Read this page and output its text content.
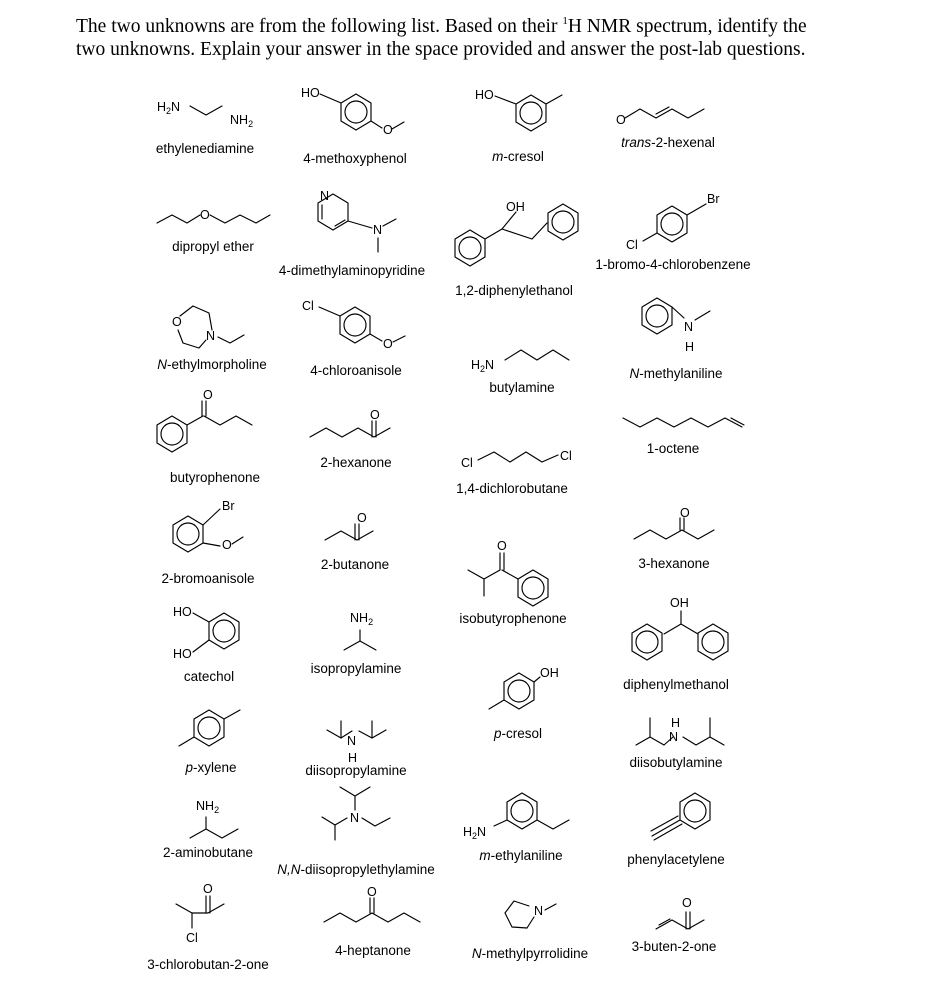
The two unknowns are from the following list. Based on their $^1$H NMR spectrum, identify the
two unknowns. Explain your answer in the space provided and answer the post-lab questions.
$H_2N$
$NH_2$
HO
O
HO
O
O
N
N
OH
Br
Cl
O
N
Cl
O
$H_2N$
N
H
O
O
Cl	Cl
Br
O
O
O
O
HO
HO
$NH_2$
OH
OH
N
H
N
H
$NH_2$
N
$H_2N$
O
Cl
O
N
O
ethylenediamine
4-methoxyphenol	m-cresol
trans-2-hexenal
dipropyl ether
4-dimethylaminopyridine
1,2-diphenylethanol
1-bromo-4-chlorobenzene
N-ethylmorpholine	4-chloroanisole
butylamine
N-methylaniline
butyrophenone
2-hexanone
1,4-dichlorobutane
1-octene
2-bromoanisole
2-butanone
isobutyrophenone
3-hexanone
catechol
isopropylamine
p-cresol
diphenylmethanol
p-xylene	diisopropylamine
diisobutylamine
2-aminobutane
N,N-diisopropylethylamine
m-ethylaniline	phenylacetylene
3-chlorobutan-2-one
4-heptanone	N-methylpyrrolidine	3-buten-2-one
